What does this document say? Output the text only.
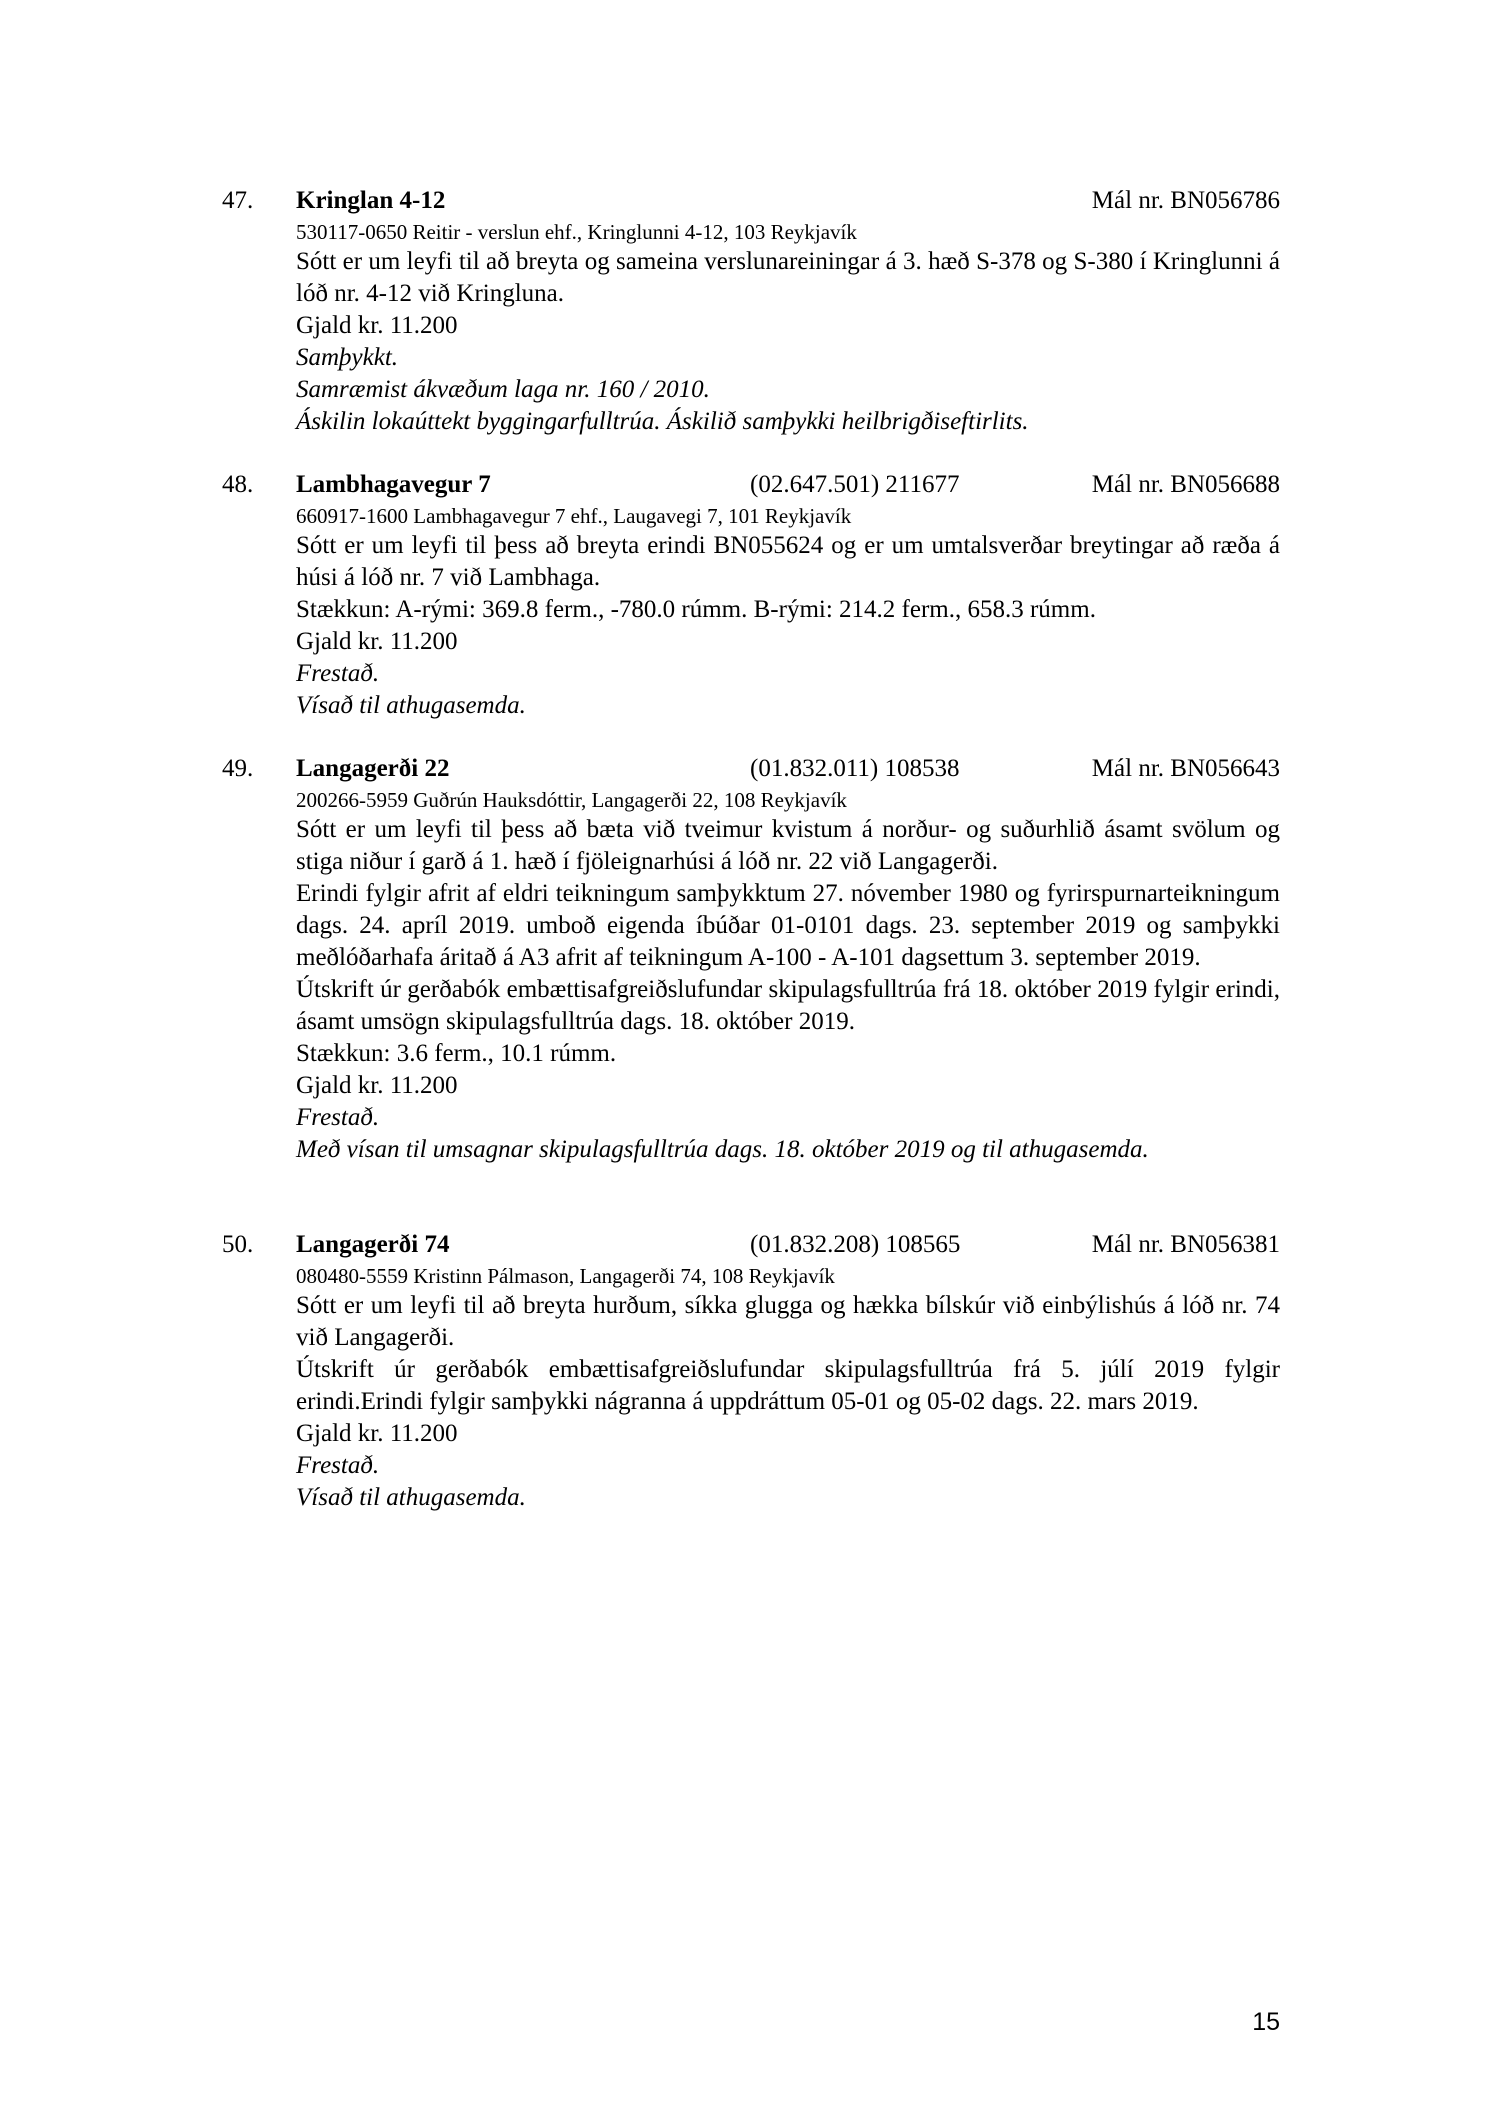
47. Kringlan 4-12	Mál nr. BN056786

530117-0650 Reitir - verslun ehf., Kringlunni 4-12, 103 Reykjavík

Sótt er um leyfi til að breyta og sameina verslunareiningar á 3. hæð S-378 og S-380 í Kringlunni á lóð nr. 4-12 við Kringluna.

Gjald kr. 11.200

Samþykkt.

Samræmist ákvæðum laga nr. 160 / 2010.

Áskilin lokaúttekt byggingarfulltrúa. Áskilið samþykki heilbrigðiseftirlits.

48. Lambhagavegur 7	(02.647.501) 211677	Mál nr. BN056688

660917-1600 Lambhagavegur 7 ehf., Laugavegi 7, 101 Reykjavík

Sótt er um leyfi til þess að breyta erindi BN055624 og er um umtalsverðar breytingar að ræða á húsi á lóð nr. 7 við Lambhaga.

Stækkun: A-rými: 369.8 ferm., -780.0 rúmm. B-rými: 214.2 ferm., 658.3 rúmm.

Gjald kr. 11.200

Frestað.

Vísað til athugasemda.

49. Langagerði 22	(01.832.011) 108538	Mál nr. BN056643

200266-5959 Guðrún Hauksdóttir, Langagerði 22, 108 Reykjavík

Sótt er um leyfi til þess að bæta við tveimur kvistum á norður- og suðurhlið ásamt svölum og stiga niður í garð á 1. hæð í fjöleignarhúsi á lóð nr. 22 við Langagerði.

Erindi fylgir afrit af eldri teikningum samþykktum 27. nóvember 1980 og fyrirspurnarteikningum dags. 24. apríl 2019. umboð eigenda íbúðar 01-0101 dags. 23. september 2019 og samþykki meðlóðarhafa áritað á A3 afrit af teikningum A-100 - A-101 dagsettum 3. september 2019.

Útskrift úr gerðabók embættisafgreiðslufundar skipulagsfulltrúa frá 18. október 2019 fylgir erindi, ásamt umsögn skipulagsfulltrúa dags. 18. október 2019.

Stækkun: 3.6 ferm., 10.1 rúmm.

Gjald kr. 11.200

Frestað.

Með vísan til umsagnar skipulagsfulltrúa dags. 18. október 2019 og til athugasemda.

50. Langagerði 74	(01.832.208) 108565	Mál nr. BN056381

080480-5559 Kristinn Pálmason, Langagerði 74, 108 Reykjavík

Sótt er um leyfi til að breyta hurðum, síkka glugga og hækka bílskúr við einbýlishús á lóð nr. 74 við Langagerði.

Útskrift úr gerðabók embættisafgreiðslufundar skipulagsfulltrúa frá 5. júlí 2019 fylgir erindi.Erindi fylgir samþykki nágranna á uppdráttum 05-01 og 05-02 dags. 22. mars 2019.

Gjald kr. 11.200

Frestað.

Vísað til athugasemda.

15
